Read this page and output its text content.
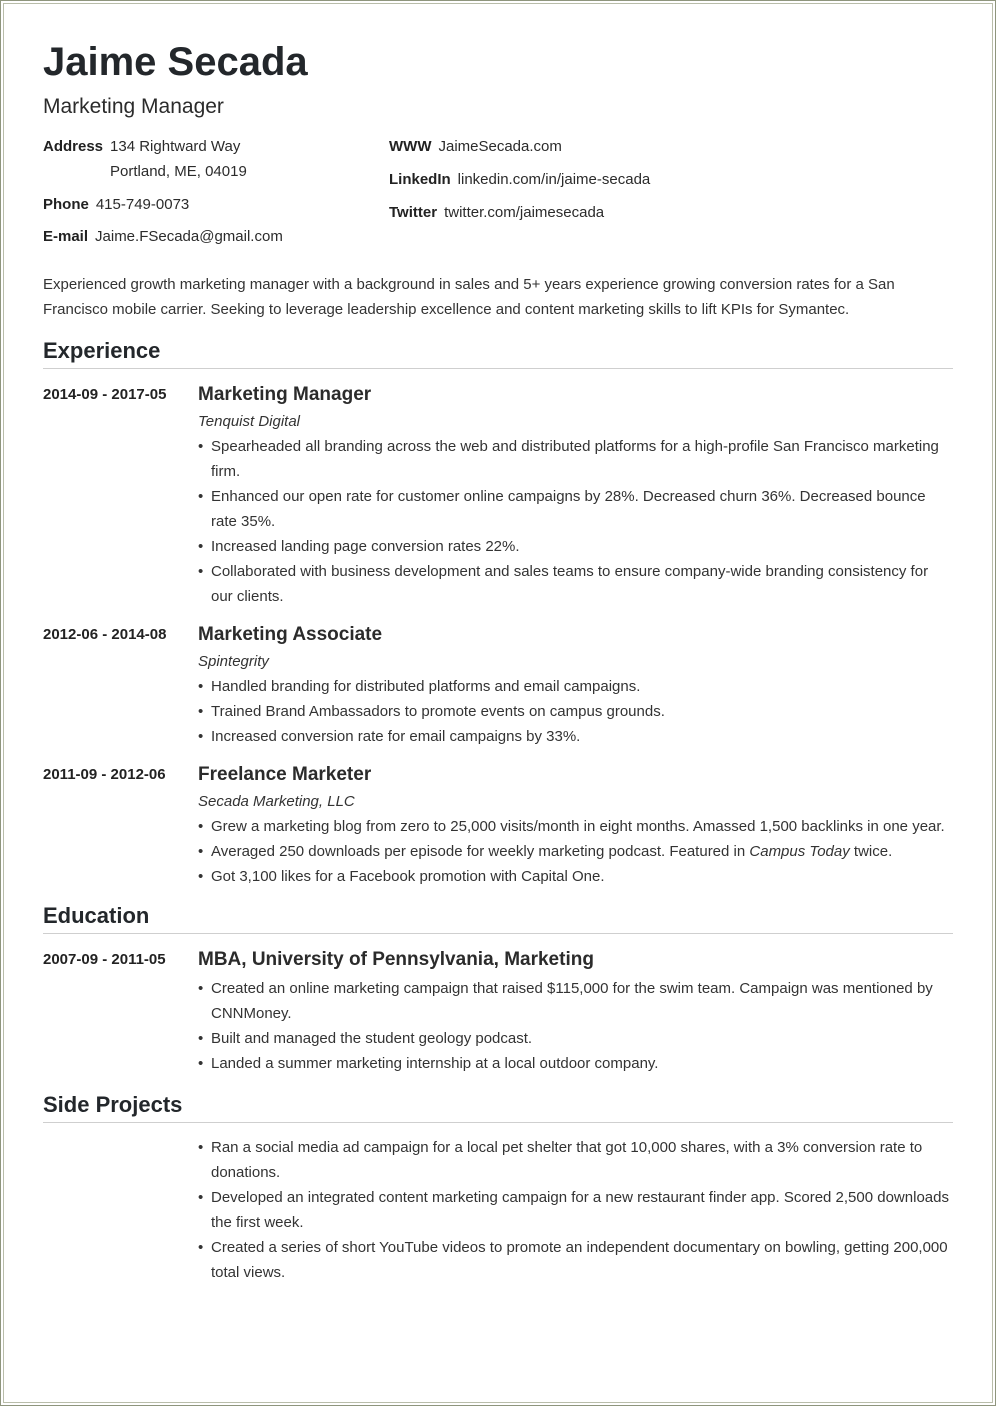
Jaime Secada
Marketing Manager
Address 134 Rightward Way
Portland, ME, 04019
Phone 415-749-0073
E-mail Jaime.FSecada@gmail.com
WWW JaimeSecada.com
LinkedIn linkedin.com/in/jaime-secada
Twitter twitter.com/jaimesecada
Experienced growth marketing manager with a background in sales and 5+ years experience growing conversion rates for a San Francisco mobile carrier. Seeking to leverage leadership excellence and content marketing skills to lift KPIs for Symantec.
Experience
2014-09 - 2017-05	Marketing Manager
Tenquist Digital
• Spearheaded all branding across the web and distributed platforms for a high-profile San Francisco marketing firm.
• Enhanced our open rate for customer online campaigns by 28%. Decreased churn 36%. Decreased bounce rate 35%.
• Increased landing page conversion rates 22%.
• Collaborated with business development and sales teams to ensure company-wide branding consistency for our clients.
2012-06 - 2014-08	Marketing Associate
Spintegrity
• Handled branding for distributed platforms and email campaigns.
• Trained Brand Ambassadors to promote events on campus grounds.
• Increased conversion rate for email campaigns by 33%.
2011-09 - 2012-06	Freelance Marketer
Secada Marketing, LLC
• Grew a marketing blog from zero to 25,000 visits/month in eight months. Amassed 1,500 backlinks in one year.
• Averaged 250 downloads per episode for weekly marketing podcast. Featured in Campus Today twice.
• Got 3,100 likes for a Facebook promotion with Capital One.
Education
2007-09 - 2011-05	MBA, University of Pennsylvania, Marketing
• Created an online marketing campaign that raised $115,000 for the swim team. Campaign was mentioned by CNNMoney.
• Built and managed the student geology podcast.
• Landed a summer marketing internship at a local outdoor company.
Side Projects
• Ran a social media ad campaign for a local pet shelter that got 10,000 shares, with a 3% conversion rate to donations.
• Developed an integrated content marketing campaign for a new restaurant finder app. Scored 2,500 downloads the first week.
• Created a series of short YouTube videos to promote an independent documentary on bowling, getting 200,000 total views.
